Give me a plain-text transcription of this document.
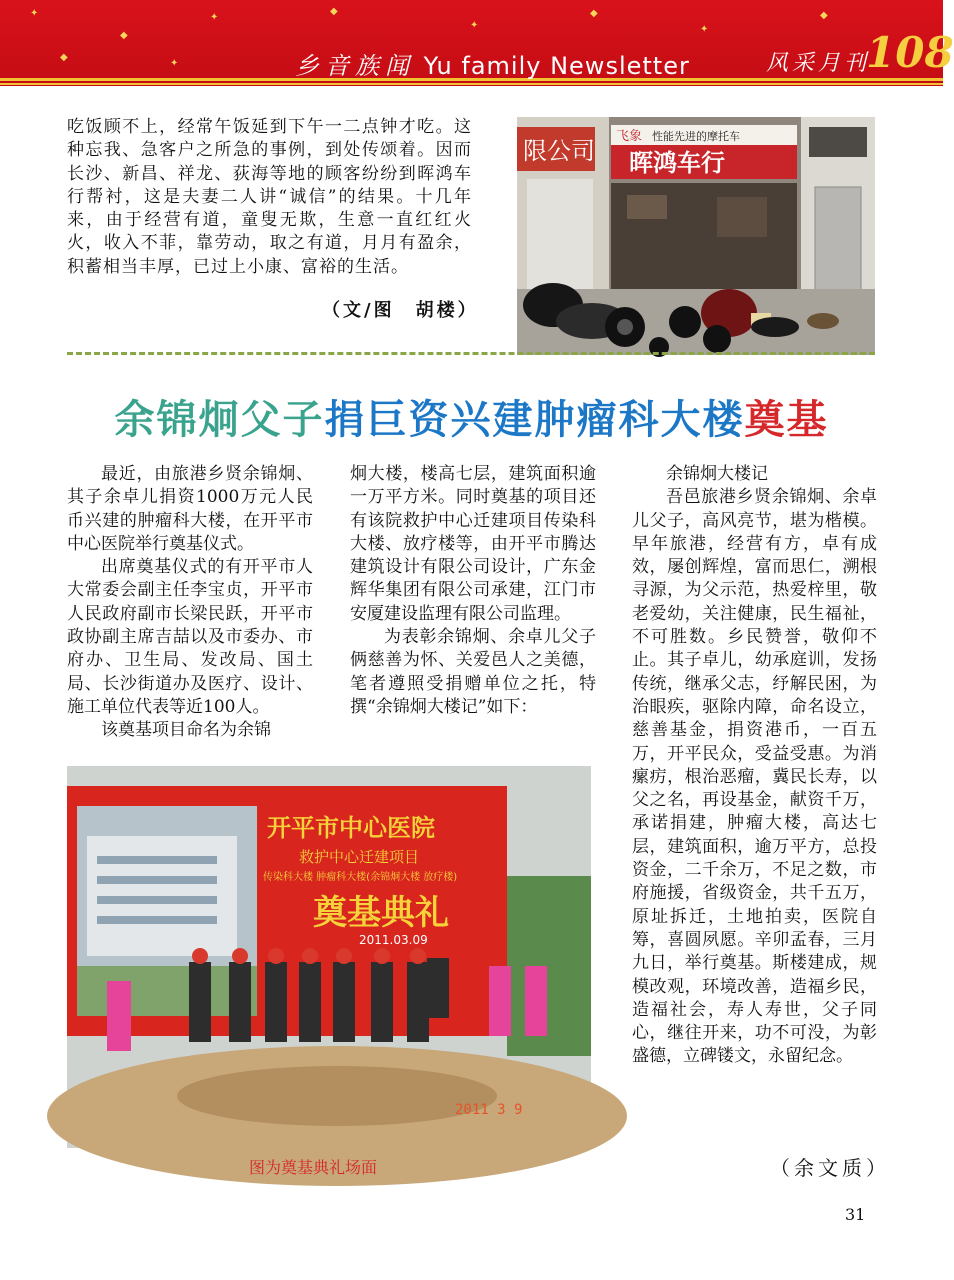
✦
◆
✦
◆
✦
◆
✦
◆
◆
✦	乡音族闻 Yu family Newsletter	风采月刊
108

吃饭顾不上，经常午饭延到下午一二点钟才吃。这种忘我、急客户之所急的事例，到处传颂着。因而长沙、新昌、祥龙、荻海等地的顾客纷纷到晖鸿车行帮衬，这是夫妻二人讲“诚信”的结果。十几年来，由于经营有道，童叟无欺，生意一直红红火火，收入不菲，靠劳动，取之有道，月月有盈余，积蓄相当丰厚，已过上小康、富裕的生活。

（文/图　胡楼）
限公司
飞象 性能先进的摩托车
晖鸿车行
余锦炯父子捐巨资兴建肿瘤科大楼奠基

最近，由旅港乡贤余锦炯、其子余卓儿捐资1000万元人民币兴建的肿瘤科大楼，在开平市中心医院举行奠基仪式。

出席奠基仪式的有开平市人大常委会副主任李宝贞，开平市人民政府副市长梁民跃，开平市政协副主席吉喆以及市委办、市府办、卫生局、发改局、国土局、长沙街道办及医疗、设计、施工单位代表等近100人。

该奠基项目命名为余锦

炯大楼，楼高七层，建筑面积逾一万平方米。同时奠基的项目还有该院救护中心迁建项目传染科大楼、放疗楼等，由开平市腾达建筑设计有限公司设计，广东金辉华集团有限公司承建，江门市安厦建设监理有限公司监理。

为表彰余锦炯、余卓儿父子俩慈善为怀、关爱邑人之美德，笔者遵照受捐赠单位之托，特撰“余锦炯大楼记”如下：

余锦炯大楼记

吾邑旅港乡贤余锦炯、余卓儿父子，高风亮节，堪为楷模。早年旅港，经营有方，卓有成效，屡创辉煌，富而思仁，溯根寻源，为父示范，热爱梓里，敬老爱幼，关注健康，民生福祉，不可胜数。乡民赞誉，敬仰不止。其子卓儿，幼承庭训，发扬传统，继承父志，纾解民困，为治眼疾，驱除内障，命名设立，慈善基金，捐资港币，一百五万，开平民众，受益受惠。为消瘰疠，根治恶瘤，冀民长寿，以父之名，再设基金，献资千万，承诺捐建，肿瘤大楼，高达七层，建筑面积，逾万平方，总投资金，二千余万，不足之数，市府施援，省级资金，共千五万，原址拆迁，土地拍卖，医院自筹，喜圆夙愿。辛卯孟春，三月九日，举行奠基。斯楼建成，规模改观，环境改善，造福乡民，造福社会，寿人寿世，父子同心，继往开来，功不可没，为彰盛德，立碑镂文，永留纪念。

开平市中心医院
救护中心迁建项目
传染科大楼 肿瘤科大楼(余锦炯大楼 放疗楼)
奠基典礼
2011.03.09
2011 3 9
图为奠基典礼场面	（余文质）
31
